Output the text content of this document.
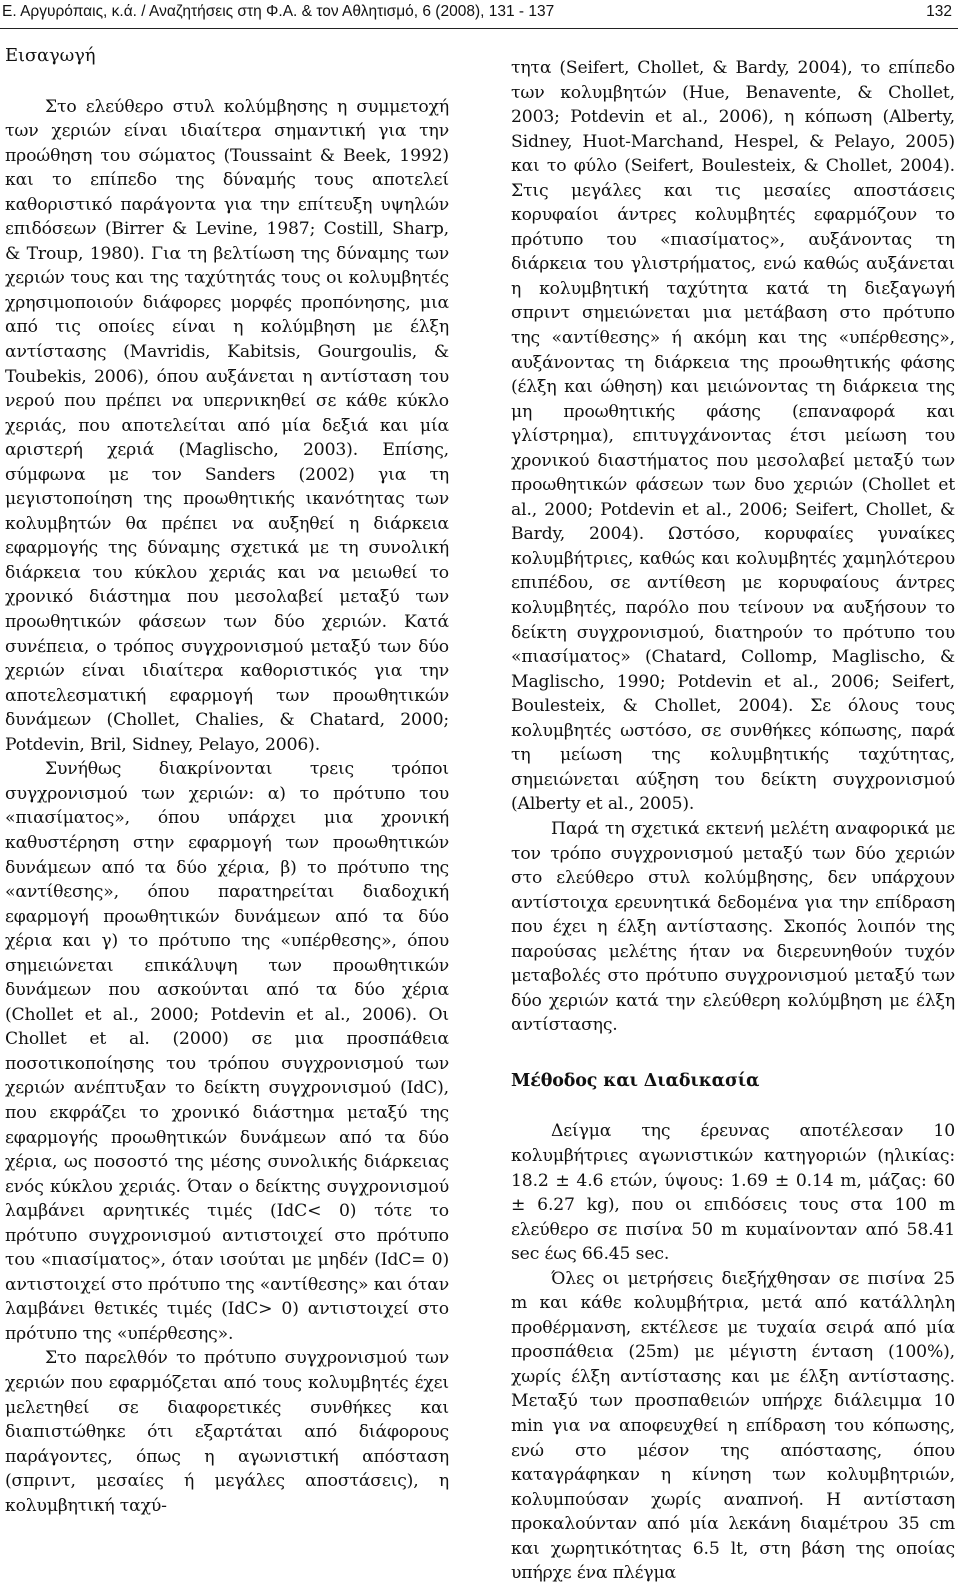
Ε. Αργυρόπαις, κ.ά. / Αναζητήσεις στη Φ.Α. & τον Αθλητισμό, 6 (2008), 131 - 137	132
Εισαγωγή

Στο ελεύθερο στυλ κολύμβησης η συμμετοχή των χεριών είναι ιδιαίτερα σημαντική για την προώθηση του σώματος (Toussaint & Beek, 1992) και το επίπεδο της δύναμής τους αποτελεί καθοριστικό παράγοντα για την επίτευξη υψηλών επιδόσεων (Birrer & Levine, 1987; Costill, Sharp, & Troup, 1980). Για τη βελτίωση της δύναμης των χεριών τους και της ταχύτητάς τους οι κολυμβητές χρησιμοποιούν διάφορες μορφές προπόνησης, μια από τις οποίες είναι η κολύμβηση με έλξη αντίστασης (Mavridis, Kabitsis, Gourgoulis, & Toubekis, 2006), όπου αυξάνεται η αντίσταση του νερού που πρέπει να υπερνικηθεί σε κάθε κύκλο χεριάς, που αποτελείται από μία δεξιά και μία αριστερή χεριά (Maglischo, 2003). Επίσης, σύμφωνα με τον Sanders (2002) για τη μεγιστοποίηση της προωθητικής ικανότητας των κολυμβητών θα πρέπει να αυξηθεί η διάρκεια εφαρμογής της δύναμης σχετικά με τη συνολική διάρκεια του κύκλου χεριάς και να μειωθεί το χρονικό διάστημα που μεσολαβεί μεταξύ των προωθητικών φάσεων των δύο χεριών. Κατά συνέπεια, ο τρόπος συγχρονισμού μεταξύ των δύο χεριών είναι ιδιαίτερα καθοριστικός για την αποτελεσματική εφαρμογή των προωθητικών δυνάμεων (Chollet, Chalies, & Chatard, 2000; Potdevin, Bril, Sidney, Pelayo, 2006).

Συνήθως διακρίνονται τρεις τρόποι συγχρονισμού των χεριών: α) το πρότυπο του «πιασίματος», όπου υπάρχει μια χρονική καθυστέρηση στην εφαρμογή των προωθητικών δυνάμεων από τα δύο χέρια, β) το πρότυπο της «αντίθεσης», όπου παρατηρείται διαδοχική εφαρμογή προωθητικών δυνάμεων από τα δύο χέρια και γ) το πρότυπο της «υπέρθεσης», όπου σημειώνεται επικάλυψη των προωθητικών δυνάμεων που ασκούνται από τα δύο χέρια (Chollet et al., 2000; Potdevin et al., 2006). Οι Chollet et al. (2000) σε μια προσπάθεια ποσοτικοποίησης του τρόπου συγχρονισμού των χεριών ανέπτυξαν το δείκτη συγχρονισμού (IdC), που εκφράζει το χρονικό διάστημα μεταξύ της εφαρμογής προωθητικών δυνάμεων από τα δύο χέρια, ως ποσοστό της μέσης συνολικής διάρκειας ενός κύκλου χεριάς. Όταν ο δείκτης συγχρονισμού λαμβάνει αρνητικές τιμές (IdC< 0) τότε το πρότυπο συγχρονισμού αντιστοιχεί στο πρότυπο του «πιασίματος», όταν ισούται με μηδέν (IdC= 0) αντιστοιχεί στο πρότυπο της «αντίθεσης» και όταν λαμβάνει θετικές τιμές (IdC> 0) αντιστοιχεί στο πρότυπο της «υπέρθεσης».

Στο παρελθόν το πρότυπο συγχρονισμού των χεριών που εφαρμόζεται από τους κολυμβητές έχει μελετηθεί σε διαφορετικές συνθήκες και διαπιστώθηκε ότι εξαρτάται από διάφορους παράγοντες, όπως η αγωνιστική απόσταση (σπριντ, μεσαίες ή μεγάλες αποστάσεις), η κολυμβητική ταχύ-

τητα (Seifert, Chollet, & Bardy, 2004), το επίπεδο των κολυμβητών (Hue, Benavente, & Chollet, 2003; Potdevin et al., 2006), η κόπωση (Alberty, Sidney, Huot-Marchand, Hespel, & Pelayo, 2005) και το φύλο (Seifert, Boulesteix, & Chollet, 2004). Στις μεγάλες και τις μεσαίες αποστάσεις κορυφαίοι άντρες κολυμβητές εφαρμόζουν το πρότυπο του «πιασίματος», αυξάνοντας τη διάρκεια του γλιστρήματος, ενώ καθώς αυξάνεται η κολυμβητική ταχύτητα κατά τη διεξαγωγή σπριντ σημειώνεται μια μετάβαση στο πρότυπο της «αντίθεσης» ή ακόμη και της «υπέρθεσης», αυξάνοντας τη διάρκεια της προωθητικής φάσης (έλξη και ώθηση) και μειώνοντας τη διάρκεια της μη προωθητικής φάσης (επαναφορά και γλίστρημα), επιτυγχάνοντας έτσι μείωση του χρονικού διαστήματος που μεσολαβεί μεταξύ των προωθητικών φάσεων των δυο χεριών (Chollet et al., 2000; Potdevin et al., 2006; Seifert, Chollet, & Bardy, 2004). Ωστόσο, κορυφαίες γυναίκες κολυμβήτριες, καθώς και κολυμβητές χαμηλότερου επιπέδου, σε αντίθεση με κορυφαίους άντρες κολυμβητές, παρόλο που τείνουν να αυξήσουν το δείκτη συγχρονισμού, διατηρούν το πρότυπο του «πιασίματος» (Chatard, Collomp, Maglischo, & Maglischo, 1990; Potdevin et al., 2006; Seifert, Boulesteix, & Chollet, 2004). Σε όλους τους κολυμβητές ωστόσο, σε συνθήκες κόπωσης, παρά τη μείωση της κολυμβητικής ταχύτητας, σημειώνεται αύξηση του δείκτη συγχρονισμού (Alberty et al., 2005).

Παρά τη σχετικά εκτενή μελέτη αναφορικά με τον τρόπο συγχρονισμού μεταξύ των δύο χεριών στο ελεύθερο στυλ κολύμβησης, δεν υπάρχουν αντίστοιχα ερευνητικά δεδομένα για την επίδραση που έχει η έλξη αντίστασης. Σκοπός λοιπόν της παρούσας μελέτης ήταν να διερευνηθούν τυχόν μεταβολές στο πρότυπο συγχρονισμού μεταξύ των δύο χεριών κατά την ελεύθερη κολύμβηση με έλξη αντίστασης.

Μέθοδος και Διαδικασία

Δείγμα της έρευνας αποτέλεσαν 10 κολυμβήτριες αγωνιστικών κατηγοριών (ηλικίας: 18.2 ± 4.6 ετών, ύψους: 1.69 ± 0.14 m, μάζας: 60 ± 6.27 kg), που οι επιδόσεις τους στα 100 m ελεύθερο σε πισίνα 50 m κυμαίνονταν από 58.41 sec έως 66.45 sec.

Όλες οι μετρήσεις διεξήχθησαν σε πισίνα 25 m και κάθε κολυμβήτρια, μετά από κατάλληλη προθέρμανση, εκτέλεσε με τυχαία σειρά από μία προσπάθεια (25m) με μέγιστη ένταση (100%), χωρίς έλξη αντίστασης και με έλξη αντίστασης. Μεταξύ των προσπαθειών υπήρχε διάλειμμα 10 min για να αποφευχθεί η επίδραση του κόπωσης, ενώ στο μέσον της απόστασης, όπου καταγράφηκαν η κίνηση των κολυμβητριών, κολυμπούσαν χωρίς αναπνοή. Η αντίσταση προκαλούνταν από μία λεκάνη διαμέτρου 35 cm και χωρητικότητας 6.5 lt, στη βάση της οποίας υπήρχε ένα πλέγμα
